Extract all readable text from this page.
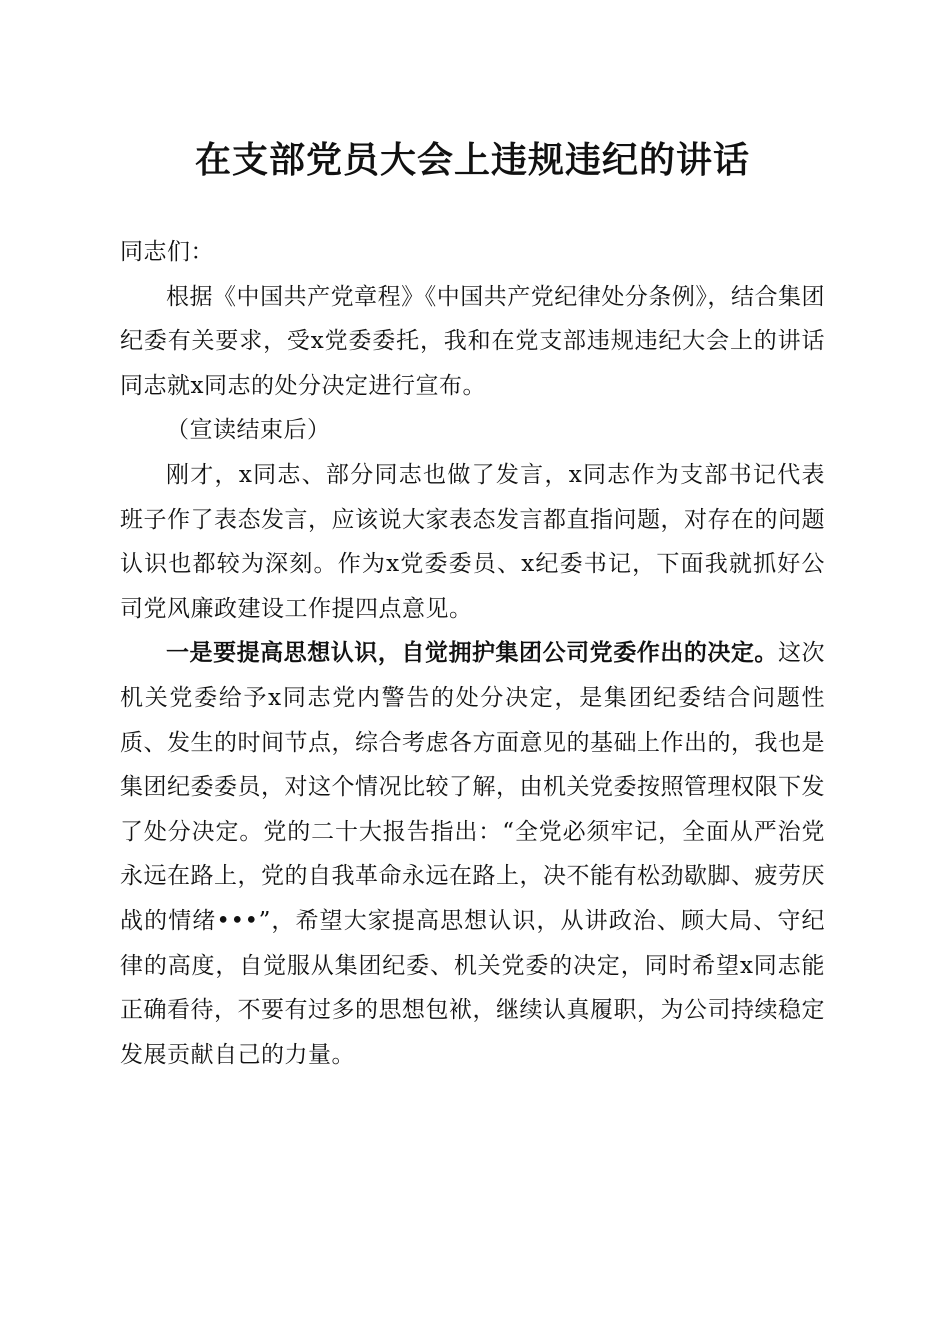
在支部党员大会上违规违纪的讲话

同志们：

根据《中国共产党章程》《中国共产党纪律处分条例》，结合集团纪委有关要求，受x党委委托，我和在党支部违规违纪大会上的讲话同志就x同志的处分决定进行宣布。

（宣读结束后）

刚才，x同志、部分同志也做了发言，x同志作为支部书记代表班子作了表态发言，应该说大家表态发言都直指问题，对存在的问题认识也都较为深刻。作为x党委委员、x纪委书记，下面我就抓好公司党风廉政建设工作提四点意见。

一是要提高思想认识，自觉拥护集团公司党委作出的决定。这次机关党委给予x同志党内警告的处分决定，是集团纪委结合问题性质、发生的时间节点，综合考虑各方面意见的基础上作出的，我也是集团纪委委员，对这个情况比较了解，由机关党委按照管理权限下发了处分决定。党的二十大报告指出：“全党必须牢记，全面从严治党永远在路上，党的自我革命永远在路上，决不能有松劲歇脚、疲劳厌战的情绪•••”，希望大家提高思想认识，从讲政治、顾大局、守纪律的高度，自觉服从集团纪委、机关党委的决定，同时希望x同志能正确看待，不要有过多的思想包袱，继续认真履职，为公司持续稳定发展贡献自己的力量。
